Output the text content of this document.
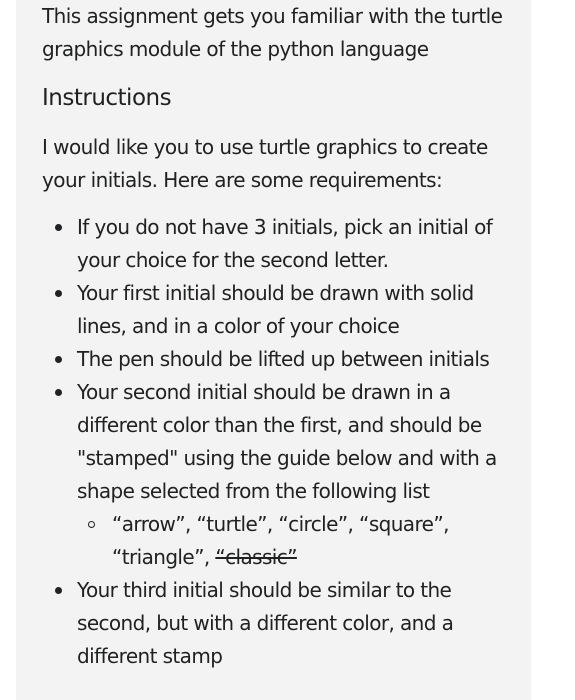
This assignment gets you familiar with the turtle graphics module of the python language

Instructions

I would like you to use turtle graphics to create your initials. Here are some requirements:

If you do not have 3 initials, pick an initial of your choice for the second letter.
Your first initial should be drawn with solid lines, and in a color of your choice
The pen should be lifted up between initials
Your second initial should be drawn in a different color than the first, and should be "stamped" using the guide below and with a shape selected from the following list
“arrow”, “turtle”, “circle”, “square”, “triangle”, “classic”
Your third initial should be similar to the second, but with a different color, and a different stamp
